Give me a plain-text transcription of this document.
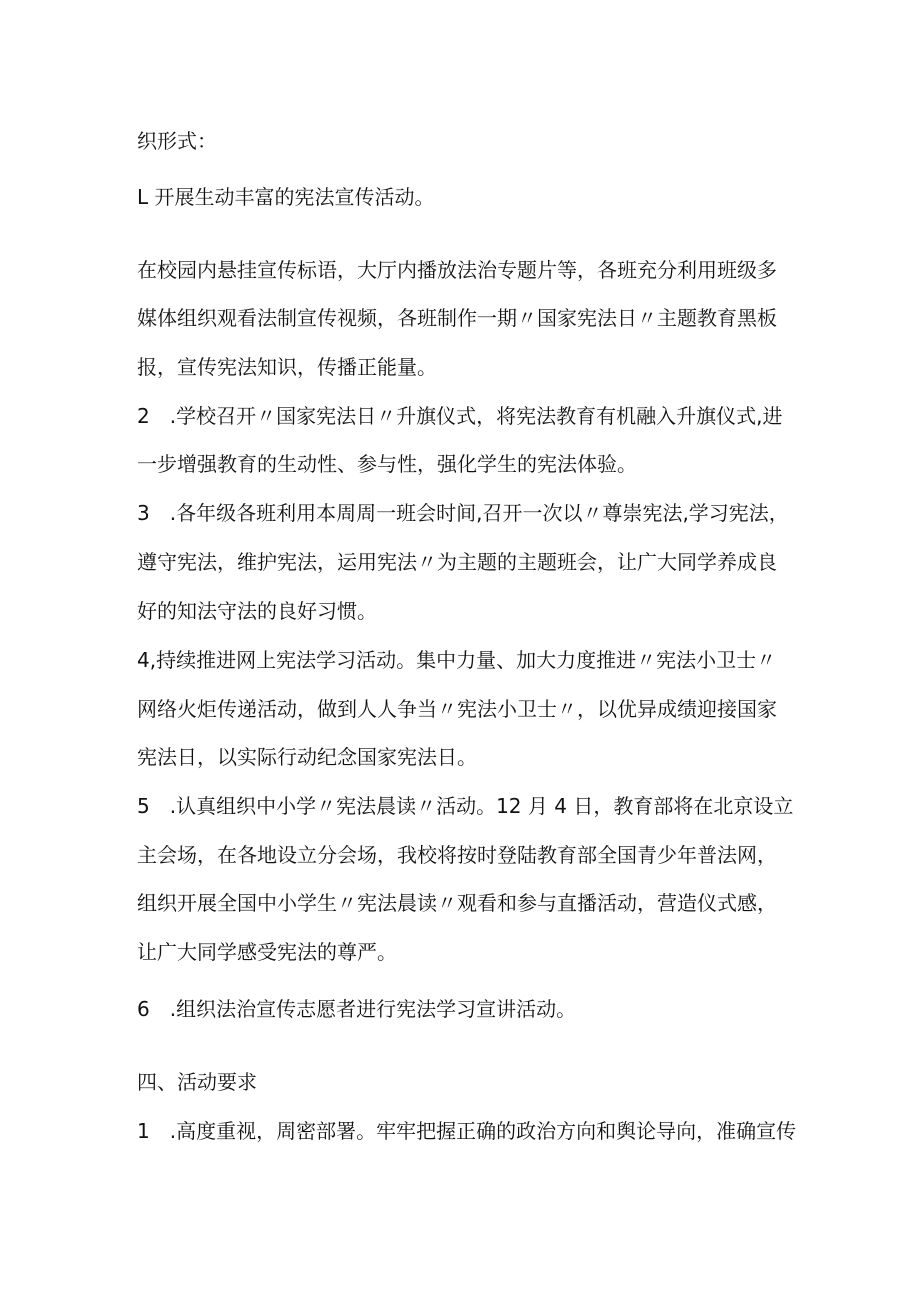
织形式：
L 开展生动丰富的宪法宣传活动。
在校园内悬挂宣传标语，大厅内播放法治专题片等，各班充分利用班级多
媒体组织观看法制宣传视频，各班制作一期〃国家宪法日〃主题教育黑板
报，宣传宪法知识，传播正能量。
2　.学校召开〃国家宪法日〃升旗仪式，将宪法教育有机融入升旗仪式,进
一步增强教育的生动性、参与性，强化学生的宪法体验。
3　.各年级各班利用本周周一班会时间,召开一次以〃尊崇宪法,学习宪法，
遵守宪法，维护宪法，运用宪法〃为主题的主题班会，让广大同学养成良
好的知法守法的良好习惯。
4,持续推进网上宪法学习活动。集中力量、加大力度推进〃宪法小卫士〃
网络火炬传递活动，做到人人争当〃宪法小卫士〃，以优异成绩迎接国家
宪法日，以实际行动纪念国家宪法日。
5　.认真组织中小学〃宪法晨读〃活动。12 月 4 日，教育部将在北京设立
主会场，在各地设立分会场，我校将按时登陆教育部全国青少年普法网，
组织开展全国中小学生〃宪法晨读〃观看和参与直播活动，营造仪式感，
让广大同学感受宪法的尊严。
6　.组织法治宣传志愿者进行宪法学习宣讲活动。
四、活动要求
1　.高度重视，周密部署。牢牢把握正确的政治方向和舆论导向，准确宣传
